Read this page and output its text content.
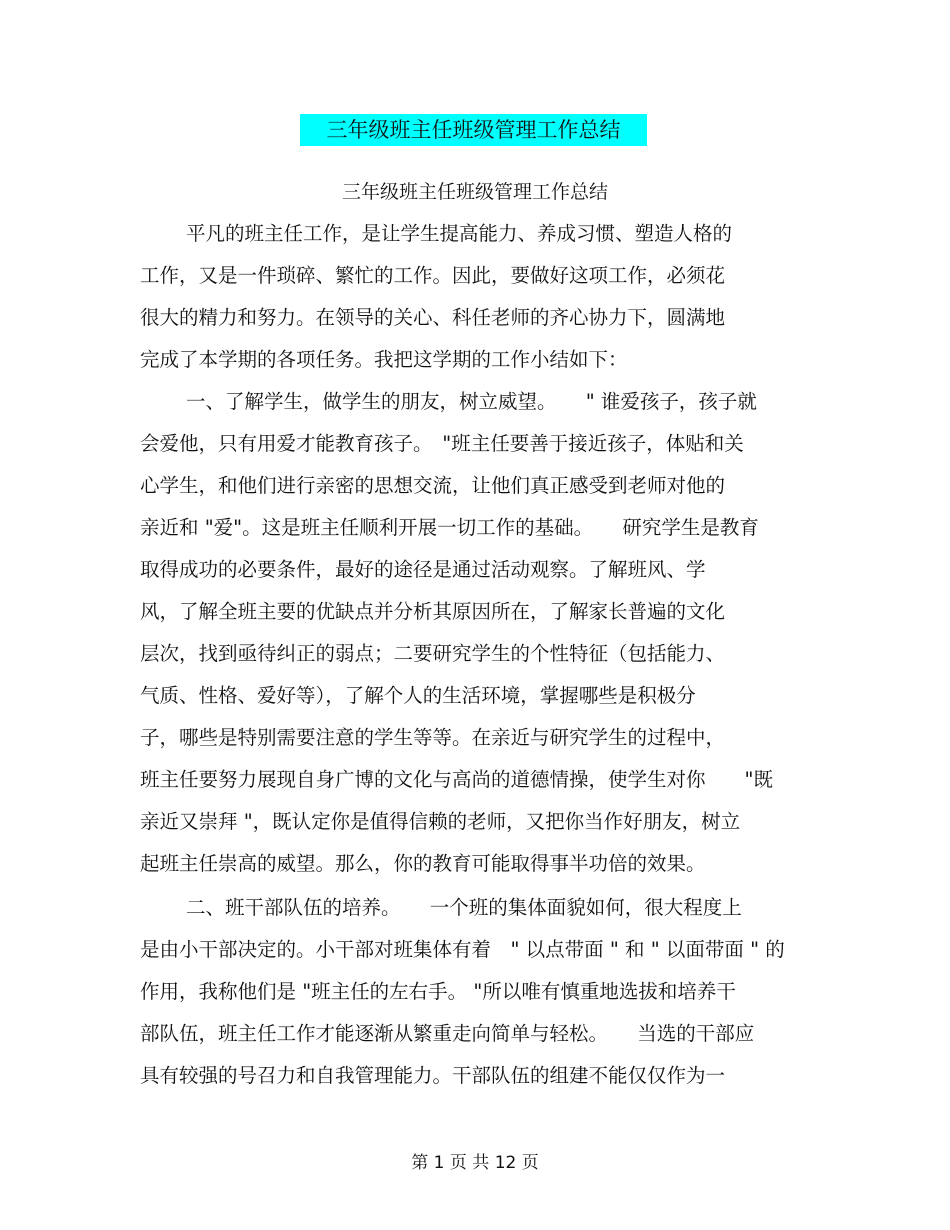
三年级班主任班级管理工作总结
三年级班主任班级管理工作总结
平凡的班主任工作，是让学生提高能力、养成习惯、塑造人格的
工作，又是一件琐碎、繁忙的工作。因此，要做好这项工作，必须花
很大的精力和努力。在领导的关心、科任老师的齐心协力下，圆满地
完成了本学期的各项任务。我把这学期的工作小结如下：
一、了解学生，做学生的朋友，树立威望。　　" 谁爱孩子，孩子就
会爱他，只有用爱才能教育孩子。　"班主任要善于接近孩子，体贴和关
心学生，和他们进行亲密的思想交流，让他们真正感受到老师对他的
亲近和 "爱"。这是班主任顺利开展一切工作的基础。　　研究学生是教育
取得成功的必要条件，最好的途径是通过活动观察。了解班风、学
风，了解全班主要的优缺点并分析其原因所在，了解家长普遍的文化
层次，找到亟待纠正的弱点；二要研究学生的个性特征（包括能力、
气质、性格、爱好等），了解个人的生活环境，掌握哪些是积极分
子，哪些是特别需要注意的学生等等。在亲近与研究学生的过程中，
班主任要努力展现自身广博的文化与高尚的道德情操，使学生对你　　"既
亲近又崇拜 "，既认定你是值得信赖的老师，又把你当作好朋友，树立
起班主任崇高的威望。那么，你的教育可能取得事半功倍的效果。
二、班干部队伍的培养。　　一个班的集体面貌如何，很大程度上
是由小干部决定的。小干部对班集体有着　" 以点带面 " 和 " 以面带面 " 的
作用，我称他们是 "班主任的左右手。 "所以唯有慎重地选拔和培养干
部队伍，班主任工作才能逐渐从繁重走向简单与轻松。　　当选的干部应
具有较强的号召力和自我管理能力。干部队伍的组建不能仅仅作为一
第 1 页 共 12 页
